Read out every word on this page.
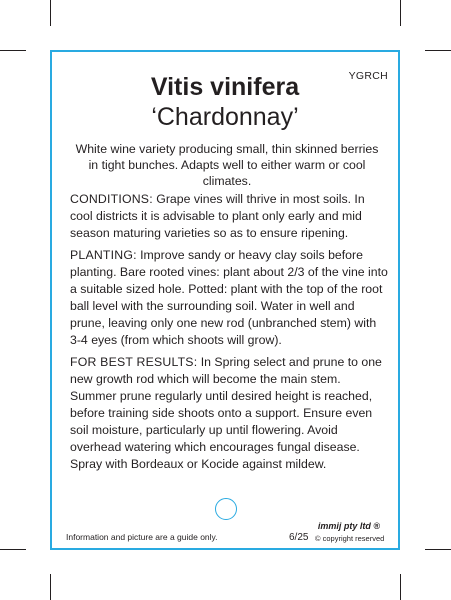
YGRCH
Vitis vinifera
‘Chardonnay’
White wine variety producing small, thin skinned berries in tight bunches. Adapts well to either warm or cool climates.

CONDITIONS: Grape vines will thrive in most soils. In cool districts it is advisable to plant only early and mid season maturing varieties so as to ensure ripening.

PLANTING: Improve sandy or heavy clay soils before planting. Bare rooted vines: plant about 2/3 of the vine into a suitable sized hole. Potted: plant with the top of the root ball level with the surrounding soil. Water in well and prune, leaving only one new rod (unbranched stem) with 3-4 eyes (from which shoots will grow).

FOR BEST RESULTS: In Spring select and prune to one new growth rod which will become the main stem. Summer prune regularly until desired height is reached, before training side shoots onto a support. Ensure even soil moisture, particularly up until flowering. Avoid overhead watering which encourages fungal disease. Spray with Bordeaux or Kocide against mildew.

Information and picture are a guide only.
immij pty ltd ®
6/25 © copyright reserved
